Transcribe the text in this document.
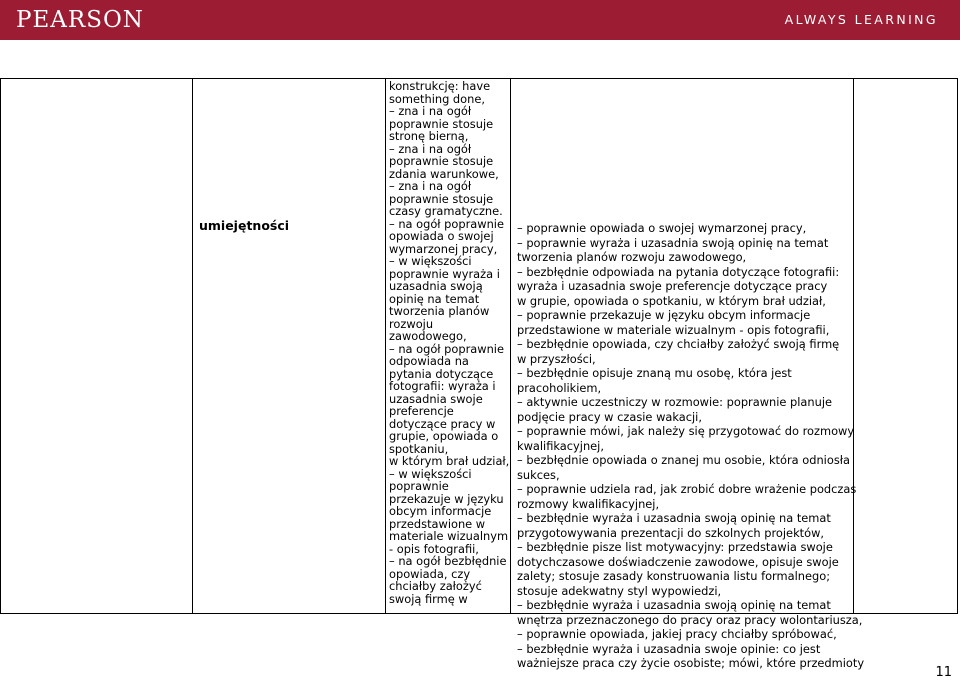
PEARSON	ALWAYS LEARNING
umiejętności
konstrukcję: have
something done,
– zna i na ogół
poprawnie stosuje
stronę bierną,
– zna i na ogół
poprawnie stosuje
zdania warunkowe,
– zna i na ogół
poprawnie stosuje
czasy gramatyczne.
– na ogół poprawnie
opowiada o swojej
wymarzonej pracy,
– w większości
poprawnie wyraża i
uzasadnia swoją
opinię na temat
tworzenia planów
rozwoju
zawodowego,
– na ogół poprawnie
odpowiada na
pytania dotyczące
fotografii: wyraża i
uzasadnia swoje
preferencje
dotyczące pracy w
grupie, opowiada o
spotkaniu,
w którym brał udział,
– w większości
poprawnie
przekazuje w języku
obcym informacje
przedstawione w
materiale wizualnym
- opis fotografii,
– na ogół bezbłędnie
opowiada, czy
chciałby założyć
swoją firmę w
– poprawnie opowiada o swojej wymarzonej pracy,
– poprawnie wyraża i uzasadnia swoją opinię na temat
tworzenia planów rozwoju zawodowego,
– bezbłędnie odpowiada na pytania dotyczące fotografii:
wyraża i uzasadnia swoje preferencje dotyczące pracy
w grupie, opowiada o spotkaniu, w którym brał udział,
– poprawnie przekazuje w języku obcym informacje
przedstawione w materiale wizualnym - opis fotografii,
– bezbłędnie opowiada, czy chciałby założyć swoją firmę
w przyszłości,
– bezbłędnie opisuje znaną mu osobę, która jest
pracoholikiem,
– aktywnie uczestniczy w rozmowie: poprawnie planuje
podjęcie pracy w czasie wakacji,
– poprawnie mówi, jak należy się przygotować do rozmowy
kwalifikacyjnej,
– bezbłędnie opowiada o znanej mu osobie, która odniosła
sukces,
– poprawnie udziela rad, jak zrobić dobre wrażenie podczas
rozmowy kwalifikacyjnej,
– bezbłędnie wyraża i uzasadnia swoją opinię na temat
przygotowywania prezentacji do szkolnych projektów,
– bezbłędnie pisze list motywacyjny: przedstawia swoje
dotychczasowe doświadczenie zawodowe, opisuje swoje
zalety; stosuje zasady konstruowania listu formalnego;
stosuje adekwatny styl wypowiedzi,
– bezbłędnie wyraża i uzasadnia swoją opinię na temat
wnętrza przeznaczonego do pracy oraz pracy wolontariusza,
– poprawnie opowiada, jakiej pracy chciałby spróbować,
– bezbłędnie wyraża i uzasadnia swoje opinie: co jest
ważniejsze praca czy życie osobiste; mówi, które przedmioty
11
